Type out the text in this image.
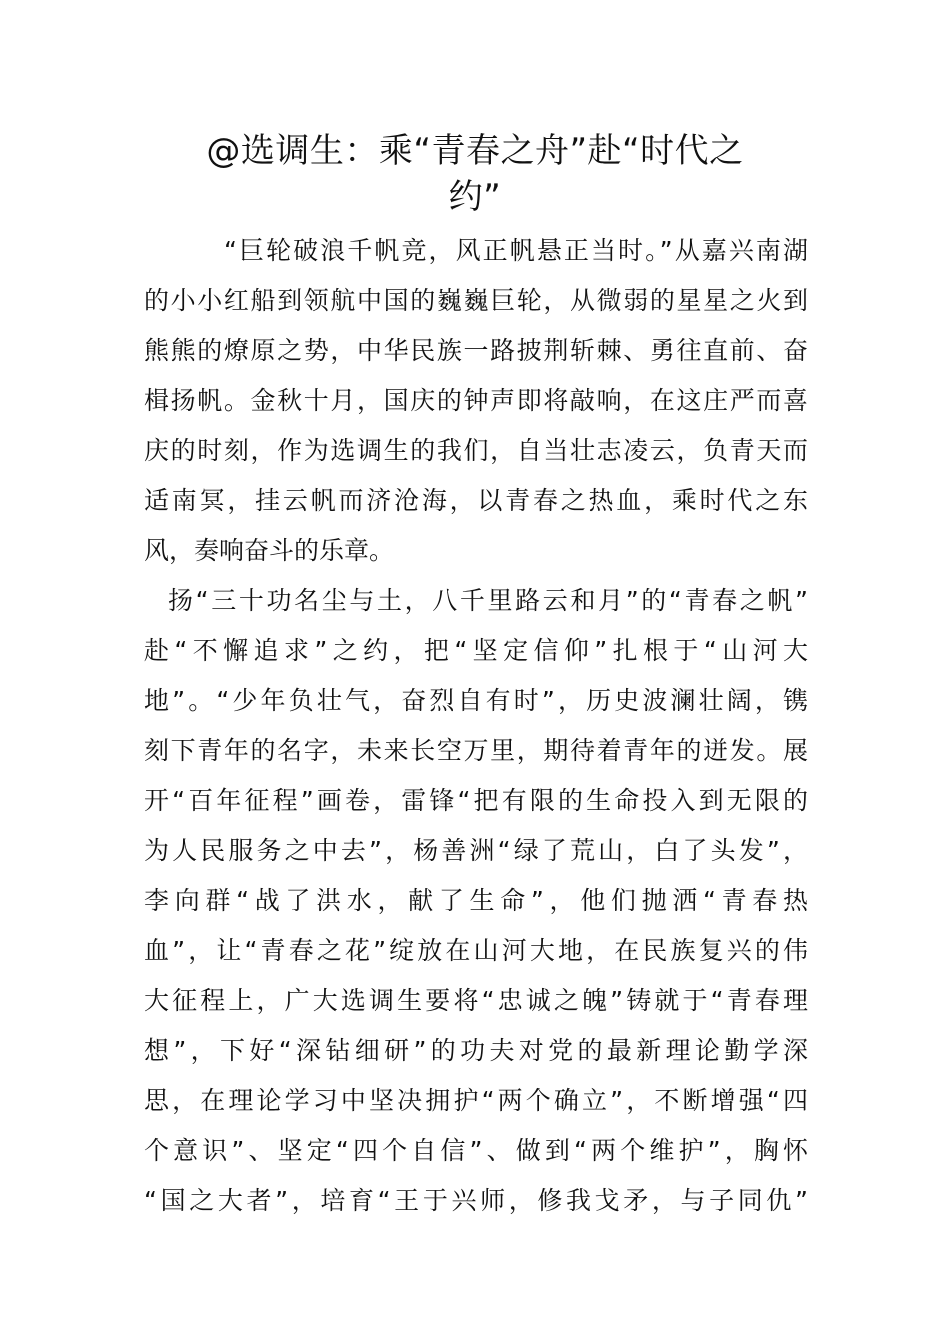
@选调生：乘“青春之舟”赴“时代之
约”
“巨轮破浪千帆竞，风正帆悬正当时。”从嘉兴南湖
的小小红船到领航中国的巍巍巨轮，从微弱的星星之火到
熊熊的燎原之势，中华民族一路披荆斩棘、勇往直前、奋
楫扬帆。金秋十月，国庆的钟声即将敲响，在这庄严而喜
庆的时刻，作为选调生的我们，自当壮志凌云，负青天而
适南冥，挂云帆而济沧海，以青春之热血，乘时代之东
风，奏响奋斗的乐章。
扬“三十功名尘与土，八千里路云和月”的“青春之帆”
赴“不懈追求”之约，把“坚定信仰”扎根于“山河大
地”。“少年负壮气，奋烈自有时”，历史波澜壮阔，镌
刻下青年的名字，未来长空万里，期待着青年的迸发。展
开“百年征程”画卷，雷锋“把有限的生命投入到无限的
为人民服务之中去”，杨善洲“绿了荒山，白了头发”，
李向群“战了洪水，献了生命”，他们抛洒“青春热
血”，让“青春之花”绽放在山河大地，在民族复兴的伟
大征程上，广大选调生要将“忠诚之魄”铸就于“青春理
想”，下好“深钻细研”的功夫对党的最新理论勤学深
思，在理论学习中坚决拥护“两个确立”，不断增强“四
个意识”、坚定“四个自信”、做到“两个维护”，胸怀
“国之大者”，培育“王于兴师，修我戈矛，与子同仇”
